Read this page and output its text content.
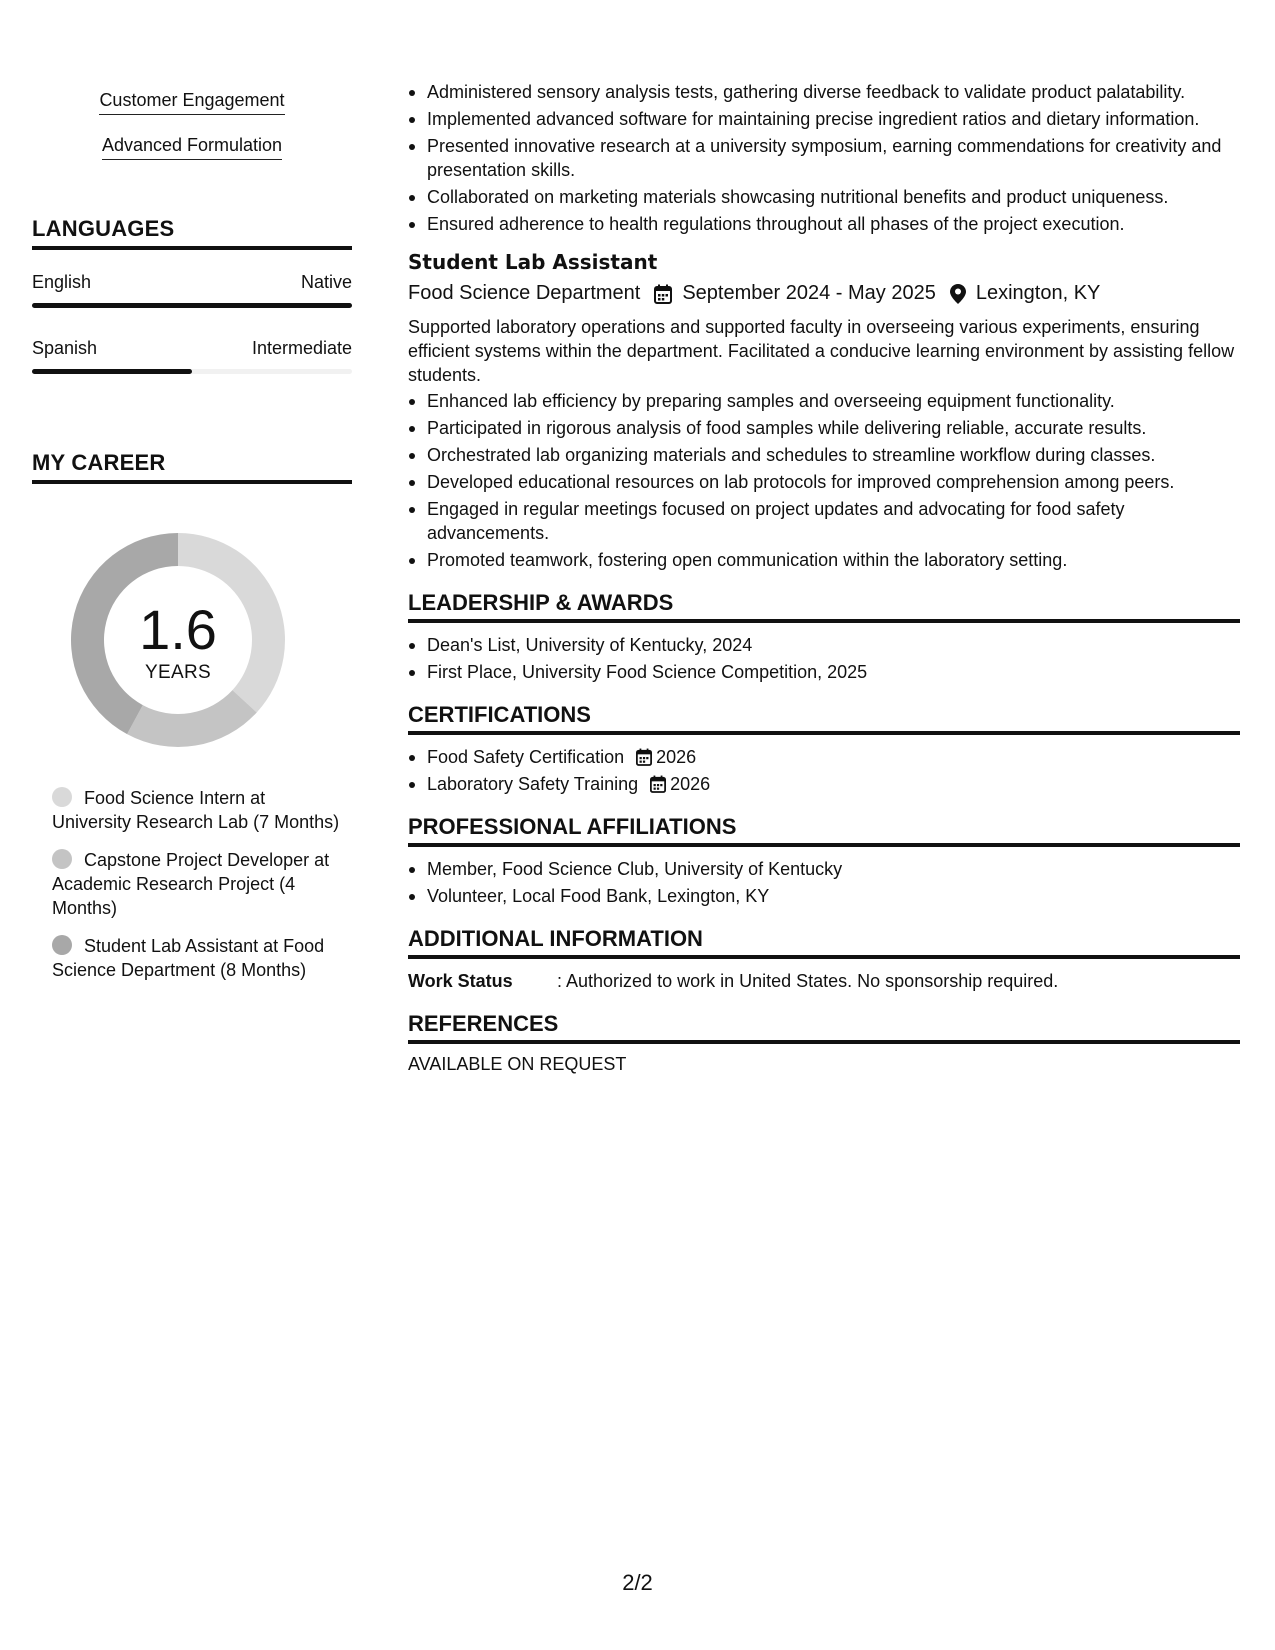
Customer Engagement
Advanced Formulation
LANGUAGES
English	Native
Spanish	Intermediate
MY CAREER
1.6
YEARS
Food Science Intern at University Research Lab (7 Months)
Capstone Project Developer at Academic Research Project (4 Months)
Student Lab Assistant at Food Science Department (8 Months)
Administered sensory analysis tests, gathering diverse feedback to validate product palatability.
Implemented advanced software for maintaining precise ingredient ratios and dietary information.
Presented innovative research at a university symposium, earning commendations for creativity and presentation skills.
Collaborated on marketing materials showcasing nutritional benefits and product uniqueness.
Ensured adherence to health regulations throughout all phases of the project execution.
Student Lab Assistant
Food Science Department September 2024 - May 2025 Lexington, KY
Supported laboratory operations and supported faculty in overseeing various experiments, ensuring efficient systems within the department. Facilitated a conducive learning environment by assisting fellow students.
Enhanced lab efficiency by preparing samples and overseeing equipment functionality.
Participated in rigorous analysis of food samples while delivering reliable, accurate results.
Orchestrated lab organizing materials and schedules to streamline workflow during classes.
Developed educational resources on lab protocols for improved comprehension among peers.
Engaged in regular meetings focused on project updates and advocating for food safety advancements.
Promoted teamwork, fostering open communication within the laboratory setting.
LEADERSHIP & AWARDS
Dean's List, University of Kentucky, 2024
First Place, University Food Science Competition, 2025
CERTIFICATIONS
Food Safety Certification 2026
Laboratory Safety Training 2026
PROFESSIONAL AFFILIATIONS
Member, Food Science Club, University of Kentucky
Volunteer, Local Food Bank, Lexington, KY
ADDITIONAL INFORMATION
Work Status	: Authorized to work in United States. No sponsorship required.
REFERENCES
AVAILABLE ON REQUEST
2/2
